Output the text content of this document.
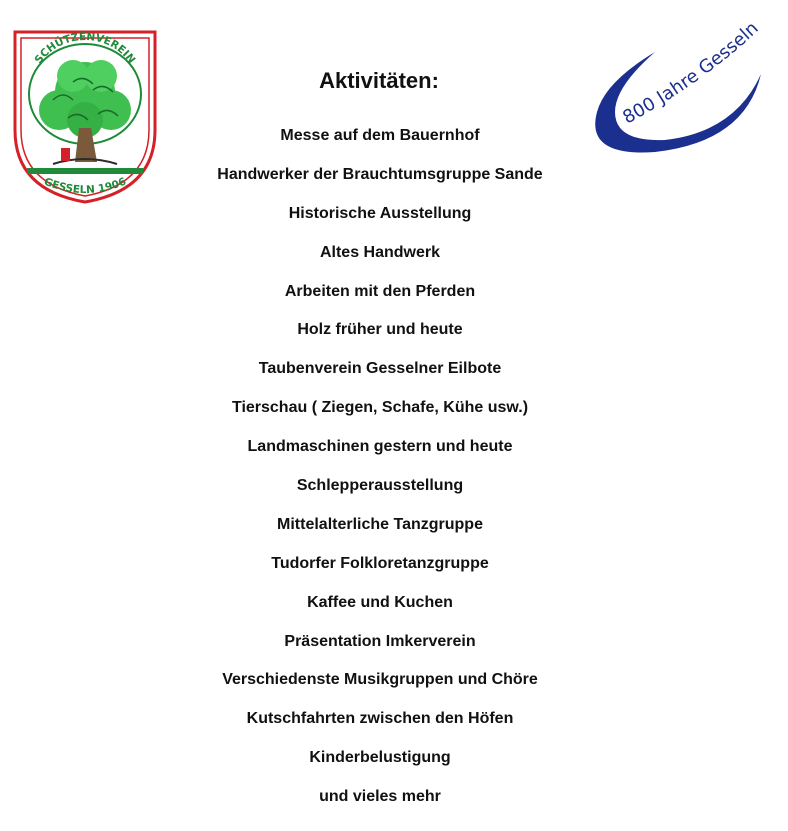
SCHÜTZENVEREIN
GESSELN 1906
800 Jahre Gesseln
Aktivitäten:
Messe auf dem Bauernhof
Handwerker der Brauchtumsgruppe Sande
Historische Ausstellung
Altes Handwerk
Arbeiten mit den Pferden
Holz früher und heute
Taubenverein Gesselner Eilbote
Tierschau ( Ziegen, Schafe, Kühe usw.)
Landmaschinen gestern und heute
Schlepperausstellung
Mittelalterliche Tanzgruppe
Tudorfer Folkloretanzgruppe
Kaffee und Kuchen
Präsentation Imkerverein
Verschiedenste Musikgruppen und Chöre
Kutschfahrten zwischen den Höfen
Kinderbelustigung
und vieles mehr
